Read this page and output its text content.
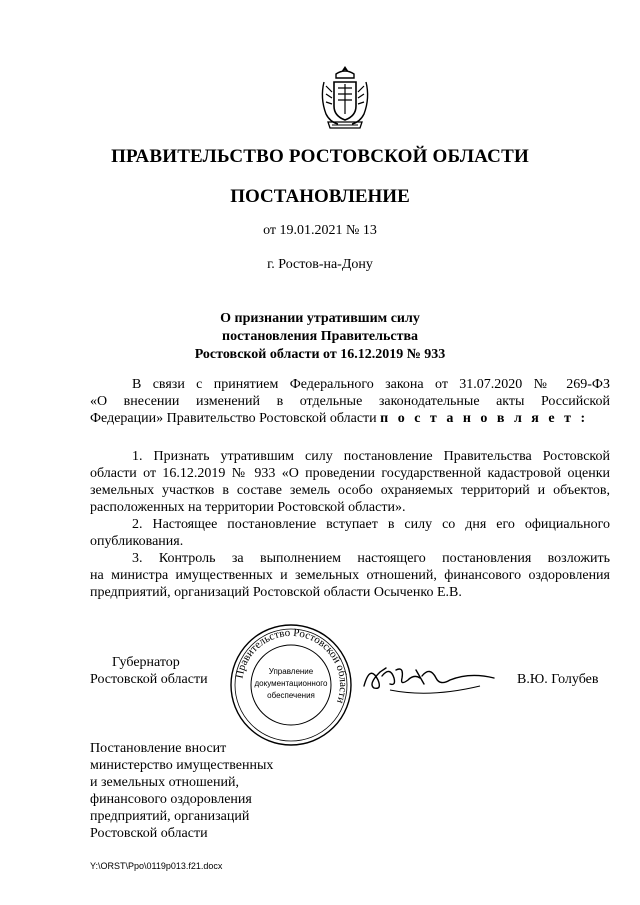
ПРАВИТЕЛЬСТВО РОСТОВСКОЙ ОБЛАСТИ
ПОСТАНОВЛЕНИЕ
от 19.01.2021 № 13
г. Ростов-на-Дону
О признании утратившим силу
постановления Правительства
Ростовской области от 16.12.2019 № 933
В связи с принятием Федерального закона от 31.07.2020 № 269-ФЗ
«О внесении изменений в отдельные законодательные акты Российской
Федерации» Правительство Ростовской области п о с т а н о в л я е т :
1. Признать утратившим силу постановление Правительства Ростовской
области от 16.12.2019 № 933 «О проведении государственной кадастровой оценки
земельных участков в составе земель особо охраняемых территорий и объектов,
расположенных на территории Ростовской области».
2. Настоящее постановление вступает в силу со дня его официального
опубликования.
3. Контроль за выполнением настоящего постановления возложить
на министра имущественных и земельных отношений, финансового оздоровления
предприятий, организаций Ростовской области Осыченко Е.В.
Губернатор
Ростовской области	Правительство Ростовской области
Управление
документационного
обеспечения
В.Ю. Голубев
Постановление вносит
министерство имущественных
и земельных отношений,
финансового оздоровления
предприятий, организаций
Ростовской области
Y:\ORST\Ppo\0119p013.f21.docx
